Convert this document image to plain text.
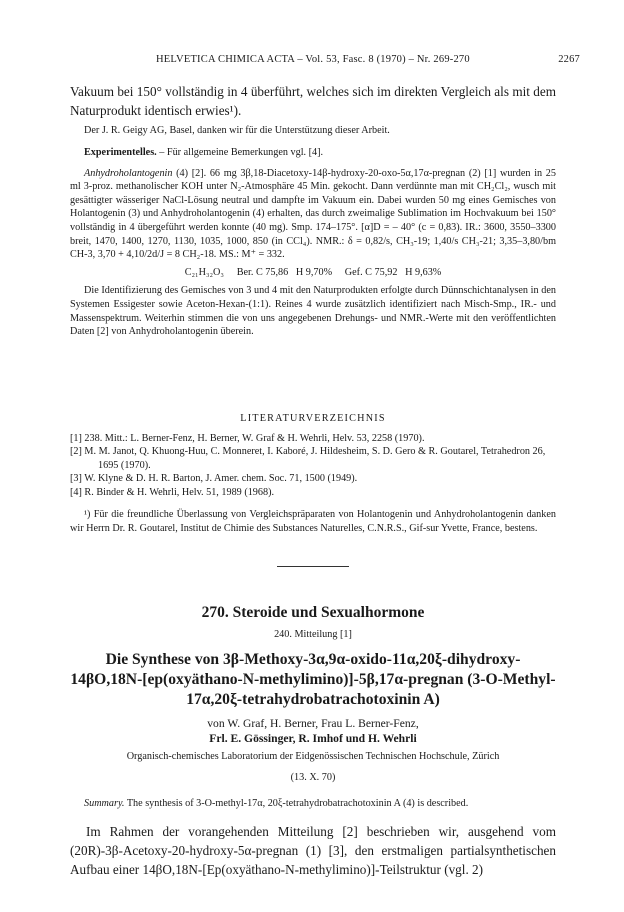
HELVETICA CHIMICA ACTA – Vol. 53, Fasc. 8 (1970) – Nr. 269-270	2267

Vakuum bei 150° vollständig in 4 überführt, welches sich im direkten Vergleich als mit dem Naturprodukt identisch erwies¹).

Der J. R. Geigy AG, Basel, danken wir für die Unterstützung dieser Arbeit.

Experimentelles. – Für allgemeine Bemerkungen vgl. [4].

Anhydroholantogenin (4) [2]. 66 mg 3β,18-Diacetoxy-14β-hydroxy-20-oxo-5α,17α-pregnan (2) [1] wurden in 25 ml 3-proz. methanolischer KOH unter N₂-Atmosphäre 45 Min. gekocht. Dann verdünnte man mit CH₂Cl₂, wusch mit gesättigter wässeriger NaCl-Lösung neutral und dampfte im Vakuum ein. Dabei wurden 50 mg eines Gemisches von Holantogenin (3) und Anhydroholantogenin (4) erhalten, das durch zweimalige Sublimation im Hochvakuum bei 150° vollständig in 4 übergeführt werden konnte (40 mg). Smp. 174–175°. [α]D = – 40° (c = 0,83). IR.: 3600, 3550–3300 breit, 1470, 1400, 1270, 1130, 1035, 1000, 850 (in CCl₄). NMR.: δ = 0,82/s, CH₃-19; 1,40/s CH₃-21; 3,35–3,80/bm CH-3, 3,70 + 4,10/2d/J = 8 CH₂-18. MS.: M⁺ = 332.

C₂₁H₃₂O₃     Ber. C 75,86   H 9,70%     Gef. C 75,92   H 9,63%

Die Identifizierung des Gemisches von 3 und 4 mit den Naturprodukten erfolgte durch Dünnschichtanalysen in den Systemen Essigester sowie Aceton-Hexan-(1:1). Reines 4 wurde zusätzlich identifiziert nach Misch-Smp., IR.- und Massenspektrum. Weiterhin stimmen die von uns angegebenen Drehungs- und NMR.-Werte mit den veröffentlichten Daten [2] von Anhydroholantogenin überein.

LITERATURVERZEICHNIS

[1] 238. Mitt.: L. Berner-Fenz, H. Berner, W. Graf & H. Wehrli, Helv. 53, 2258 (1970).
[2] M. M. Janot, Q. Khuong-Huu, C. Monneret, I. Kaboré, J. Hildesheim, S. D. Gero & R. Goutarel, Tetrahedron 26, 1695 (1970).
[3] W. Klyne & D. H. R. Barton, J. Amer. chem. Soc. 71, 1500 (1949).
[4] R. Binder & H. Wehrli, Helv. 51, 1989 (1968).

¹) Für die freundliche Überlassung von Vergleichspräparaten von Holantogenin und Anhydroholantogenin danken wir Herrn Dr. R. Goutarel, Institut de Chimie des Substances Naturelles, C.N.R.S., Gif-sur Yvette, France, bestens.

270. Steroide und Sexualhormone

240. Mitteilung [1]

Die Synthese von 3β-Methoxy-3α,9α-oxido-11α,20ξ-dihydroxy-14βO,18N-[ep(oxyäthano-N-methylimino)]-5β,17α-pregnan (3-O-Methyl-17α,20ξ-tetrahydrobatrachotoxinin A)

von W. Graf, H. Berner, Frau L. Berner-Fenz,

Frl. E. Gössinger, R. Imhof und H. Wehrli

Organisch-chemisches Laboratorium der Eidgenössischen Technischen Hochschule, Zürich

(13. X. 70)

Summary. The synthesis of 3-O-methyl-17α, 20ξ-tetrahydrobatrachotoxinin A (4) is described.

Im Rahmen der vorangehenden Mitteilung [2] beschrieben wir, ausgehend vom (20R)-3β-Acetoxy-20-hydroxy-5α-pregnan (1) [3], den erstmaligen partialsynthetischen Aufbau einer 14βO,18N-[Ep(oxyäthano-N-methylimino)]-Teilstruktur (vgl. 2)
